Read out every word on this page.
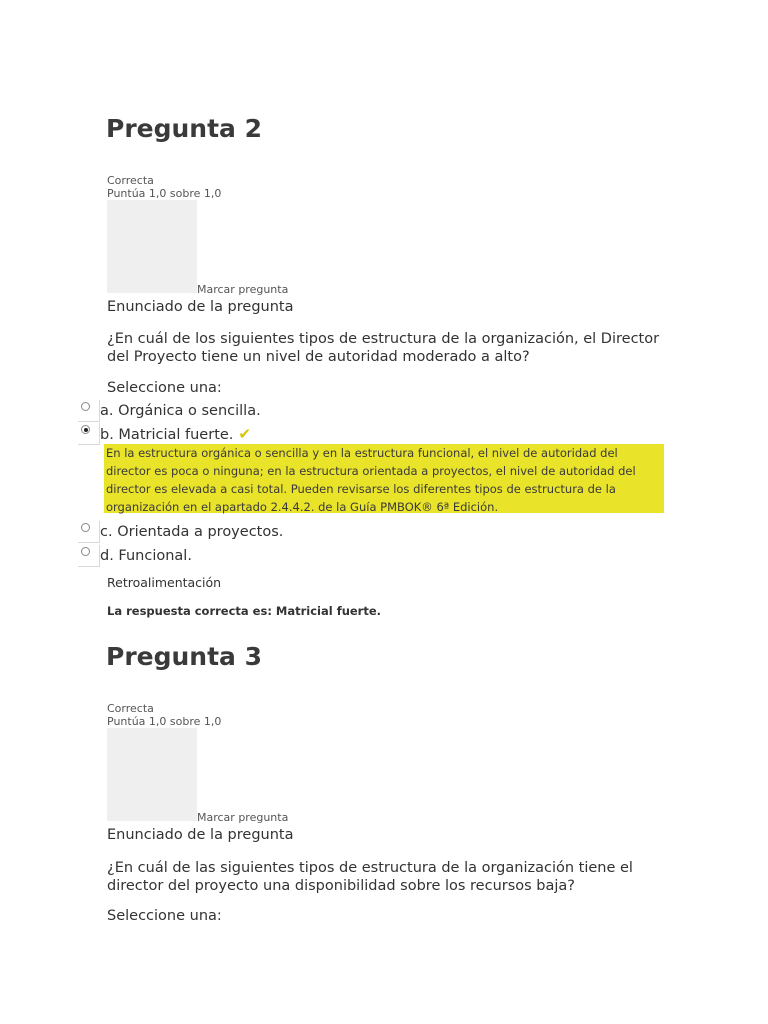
Pregunta 2
Correcta
Puntúa 1,0 sobre 1,0
Marcar pregunta
Enunciado de la pregunta
¿En cuál de los siguientes tipos de estructura de la organización, el Director del Proyecto tiene un nivel de autoridad moderado a alto?
Seleccione una:
a. Orgánica o sencilla.
b. Matricial fuerte. ✔
En la estructura orgánica o sencilla y en la estructura funcional, el nivel de autoridad del director es poca o ninguna; en la estructura orientada a proyectos, el nivel de autoridad del director es elevada a casi total. Pueden revisarse los diferentes tipos de estructura de la organización en el apartado 2.4.4.2. de la Guía PMBOK® 6ª Edición.
c. Orientada a proyectos.
d. Funcional.
Retroalimentación
La respuesta correcta es: Matricial fuerte.
Pregunta 3
Correcta
Puntúa 1,0 sobre 1,0
Marcar pregunta
Enunciado de la pregunta
¿En cuál de las siguientes tipos de estructura de la organización tiene el director del proyecto una disponibilidad sobre los recursos baja?
Seleccione una:
